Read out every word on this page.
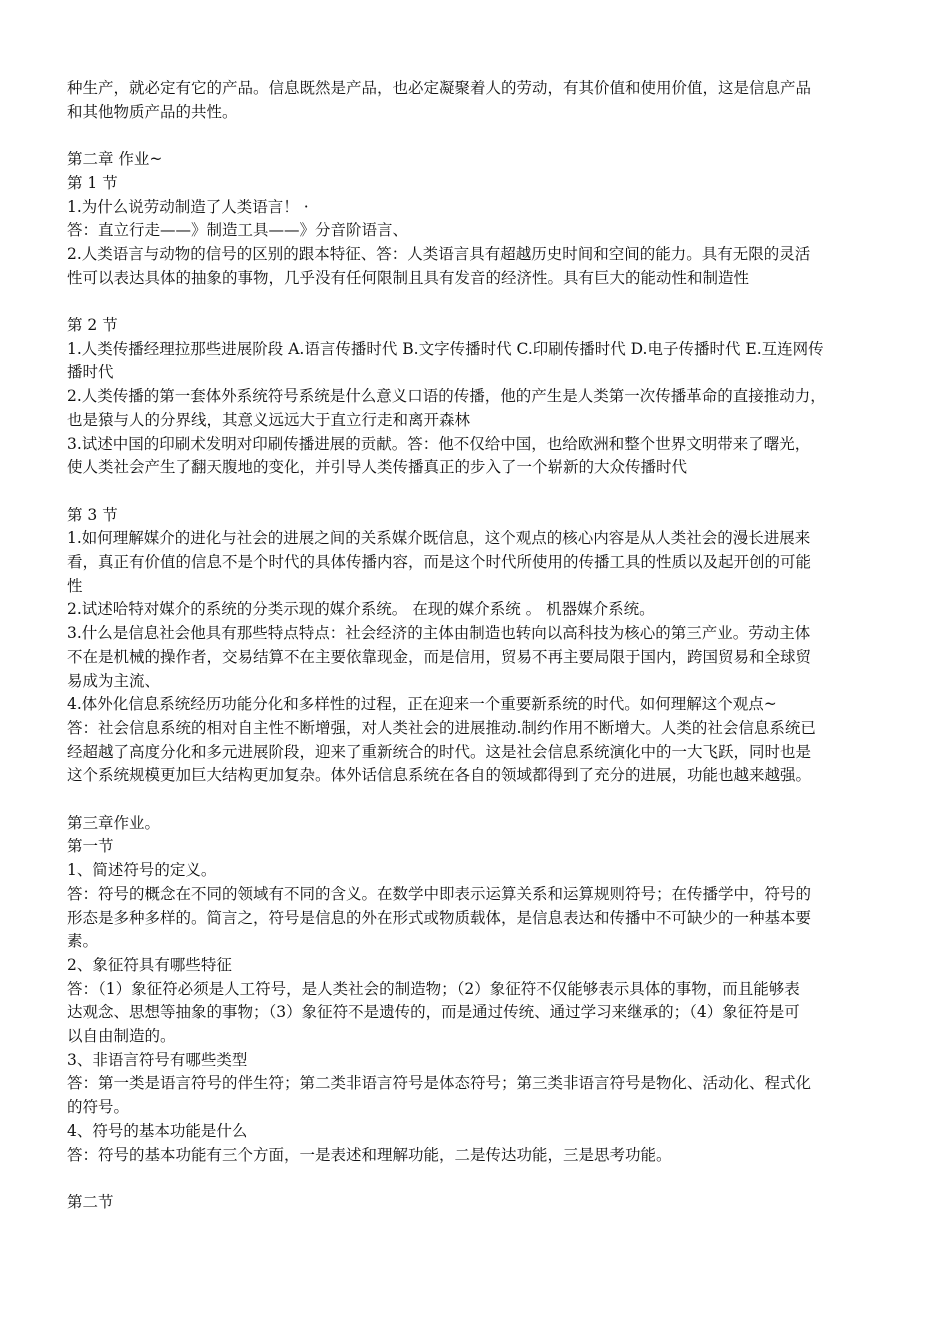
种生产，就必定有它的产品。信息既然是产品，也必定凝聚着人的劳动，有其价值和使用价值，这是信息产品
和其他物质产品的共性。
第二章 作业~
第 1 节
1.为什么说劳动制造了人类语言！ ·
答：直立行走——》制造工具——》分音阶语言、
2.人类语言与动物的信号的区别的跟本特征、答：人类语言具有超越历史时间和空间的能力。具有无限的灵活
性可以表达具体的抽象的事物，几乎没有任何限制且具有发音的经济性。具有巨大的能动性和制造性
第 2 节
1.人类传播经理拉那些进展阶段 A.语言传播时代 B.文字传播时代 C.印刷传播时代 D.电子传播时代 E.互连网传
播时代
2.人类传播的第一套体外系统符号系统是什么意义口语的传播，他的产生是人类第一次传播革命的直接推动力，
也是猿与人的分界线，其意义远远大于直立行走和离开森林
3.试述中国的印刷术发明对印刷传播进展的贡献。答：他不仅给中国，也给欧洲和整个世界文明带来了曙光，
使人类社会产生了翻天腹地的变化，并引导人类传播真正的步入了一个崭新的大众传播时代
第 3 节
1.如何理解媒介的进化与社会的进展之间的关系媒介既信息，这个观点的核心内容是从人类社会的漫长进展来
看，真正有价值的信息不是个时代的具体传播内容，而是这个时代所使用的传播工具的性质以及起开创的可能
性
2.试述哈特对媒介的系统的分类示现的媒介系统。 在现的媒介系统 。 机器媒介系统。
3.什么是信息社会他具有那些特点特点：社会经济的主体由制造也转向以高科技为核心的第三产业。劳动主体
不在是机械的操作者，交易结算不在主要依靠现金，而是信用，贸易不再主要局限于国内，跨国贸易和全球贸
易成为主流、
4.体外化信息系统经历功能分化和多样性的过程，正在迎来一个重要新系统的时代。如何理解这个观点~
答：社会信息系统的相对自主性不断增强，对人类社会的进展推动.制约作用不断增大。人类的社会信息系统已
经超越了高度分化和多元进展阶段，迎来了重新统合的时代。这是社会信息系统演化中的一大飞跃，同时也是
这个系统规模更加巨大结构更加复杂。体外话信息系统在各自的领域都得到了充分的进展，功能也越来越强。
第三章作业。
第一节
1、简述符号的定义。
答：符号的概念在不同的领域有不同的含义。在数学中即表示运算关系和运算规则符号；在传播学中，符号的
形态是多种多样的。简言之，符号是信息的外在形式或物质载体，是信息表达和传播中不可缺少的一种基本要
素。
2、象征符具有哪些特征
答：（1）象征符必须是人工符号，是人类社会的制造物；（2）象征符不仅能够表示具体的事物，而且能够表
达观念、思想等抽象的事物；（3）象征符不是遗传的，而是通过传统、通过学习来继承的；（4）象征符是可
以自由制造的。
3、非语言符号有哪些类型
答：第一类是语言符号的伴生符；第二类非语言符号是体态符号；第三类非语言符号是物化、活动化、程式化
的符号。
4、符号的基本功能是什么
答：符号的基本功能有三个方面，一是表述和理解功能，二是传达功能，三是思考功能。
第二节
